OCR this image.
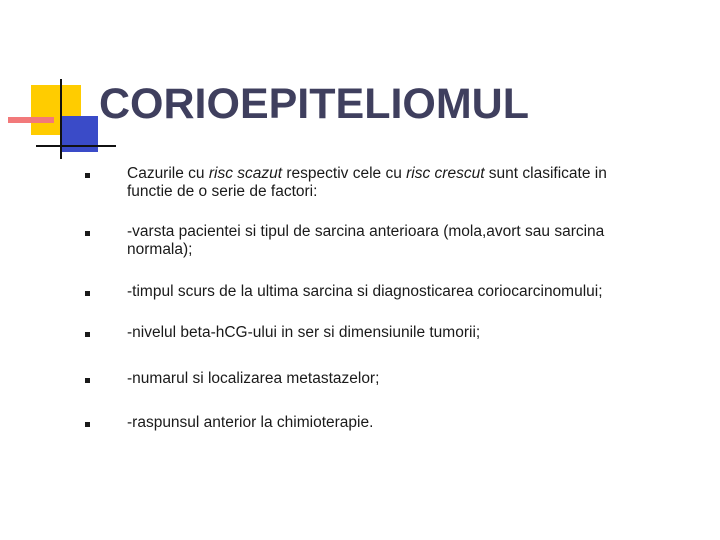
CORIOEPITELIOMUL
Cazurile cu risc scazut respectiv cele cu risc crescut sunt clasificate in
functie de o serie de factori:
-varsta pacientei si tipul de sarcina anterioara (mola,avort sau sarcina
normala);
-timpul scurs de la ultima sarcina si diagnosticarea coriocarcinomului;
-nivelul beta-hCG-ului in ser si dimensiunile tumorii;
-numarul si localizarea metastazelor;
-raspunsul anterior la chimioterapie.
